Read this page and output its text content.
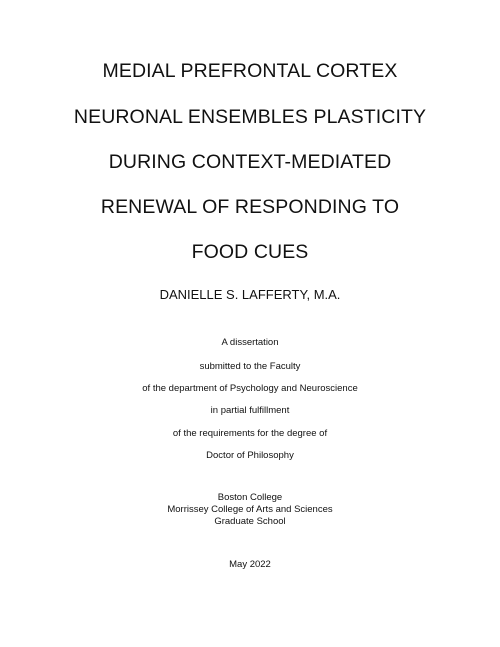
MEDIAL PREFRONTAL CORTEX
NEURONAL ENSEMBLES PLASTICITY
DURING CONTEXT-MEDIATED
RENEWAL OF RESPONDING TO
FOOD CUES
DANIELLE S. LAFFERTY, M.A.
A dissertation
submitted to the Faculty
of the department of Psychology and Neuroscience
in partial fulfillment
of the requirements for the degree of
Doctor of Philosophy
Boston College
Morrissey College of Arts and Sciences
Graduate School
May 2022
